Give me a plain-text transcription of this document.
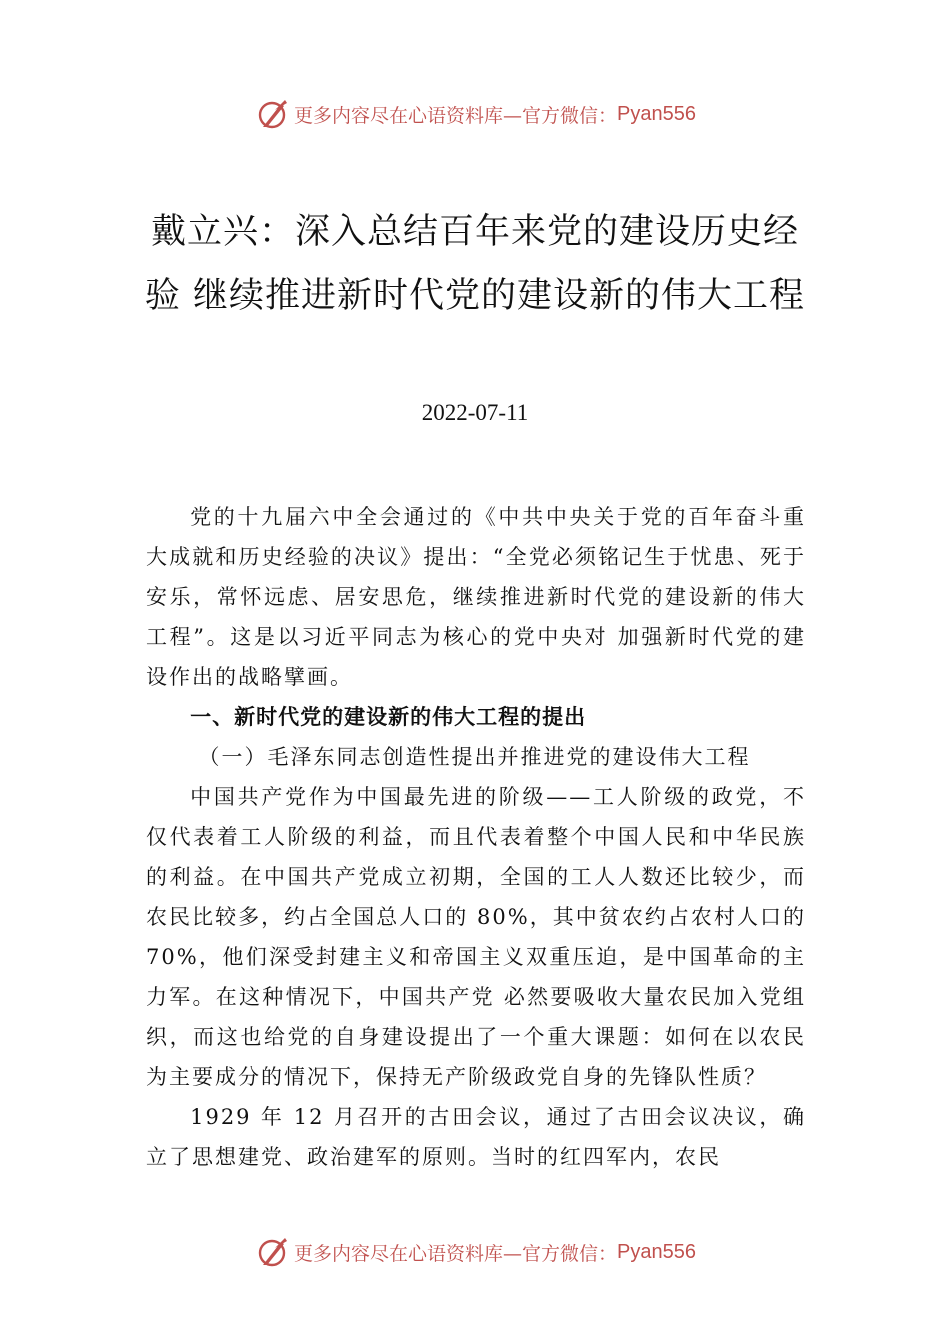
更多内容尽在心语资料库—官方微信： Pyan556
戴立兴：深入总结百年来党的建设历史经验 继续推进新时代党的建设新的伟大工程
2022-07-11

党的十九届六中全会通过的《中共中央关于党的百年奋斗重大成就和历史经验的决议》提出：“全党必须铭记生于忧患、死于安乐，常怀远虑、居安思危，继续推进新时代党的建设新的伟大工程”。这是以习近平同志为核心的党中央对 加强新时代党的建设作出的战略擘画。

一、新时代党的建设新的伟大工程的提出

（一）毛泽东同志创造性提出并推进党的建设伟大工程

中国共产党作为中国最先进的阶级——工人阶级的政党，不仅代表着工人阶级的利益，而且代表着整个中国人民和中华民族的利益。在中国共产党成立初期，全国的工人人数还比较少，而农民比较多，约占全国总人口的 80%，其中贫农约占农村人口的 70%，他们深受封建主义和帝国主义双重压迫，是中国革命的主力军。在这种情况下，中国共产党 必然要吸收大量农民加入党组织，而这也给党的自身建设提出了一个重大课题：如何在以农民为主要成分的情况下，保持无产阶级政党自身的先锋队性质？

1929 年 12 月召开的古田会议，通过了古田会议决议，确立了思想建党、政治建军的原则。当时的红四军内，农民

更多内容尽在心语资料库—官方微信： Pyan556
